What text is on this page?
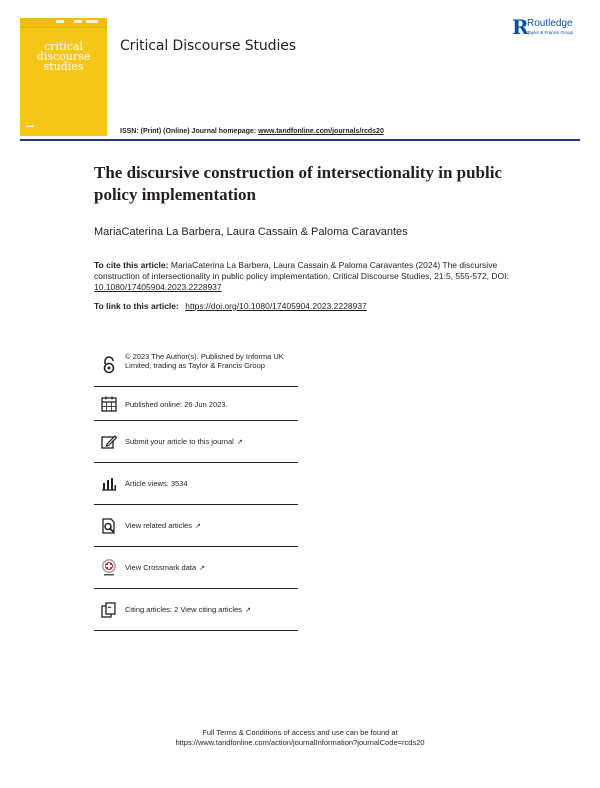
critical
discourse
studies
▬▬
Critical Discourse Studies
R
Routledge
Taylor & Francis Group
ISSN: (Print) (Online) Journal homepage: www.tandfonline.com/journals/rcds20
The discursive construction of intersectionality in public policy implementation
MariaCaterina La Barbera, Laura Cassain & Paloma Caravantes
To cite this article: MariaCaterina La Barbera, Laura Cassain & Paloma Caravantes (2024) The discursive construction of intersectionality in public policy implementation, Critical Discourse Studies, 21:5, 555-572, DOI: 10.1080/17405904.2023.2228937
To link to this article: https://doi.org/10.1080/17405904.2023.2228937
© 2023 The Author(s). Published by Informa UK Limited, trading as Taylor & Francis Group
Published online: 26 Jun 2023.
Submit your article to this journal ↗
Article views: 3534
View related articles ↗
View Crossmark data ↗
Citing articles: 2 View citing articles ↗
Full Terms & Conditions of access and use can be found at
https://www.tandfonline.com/action/journalInformation?journalCode=rcds20
